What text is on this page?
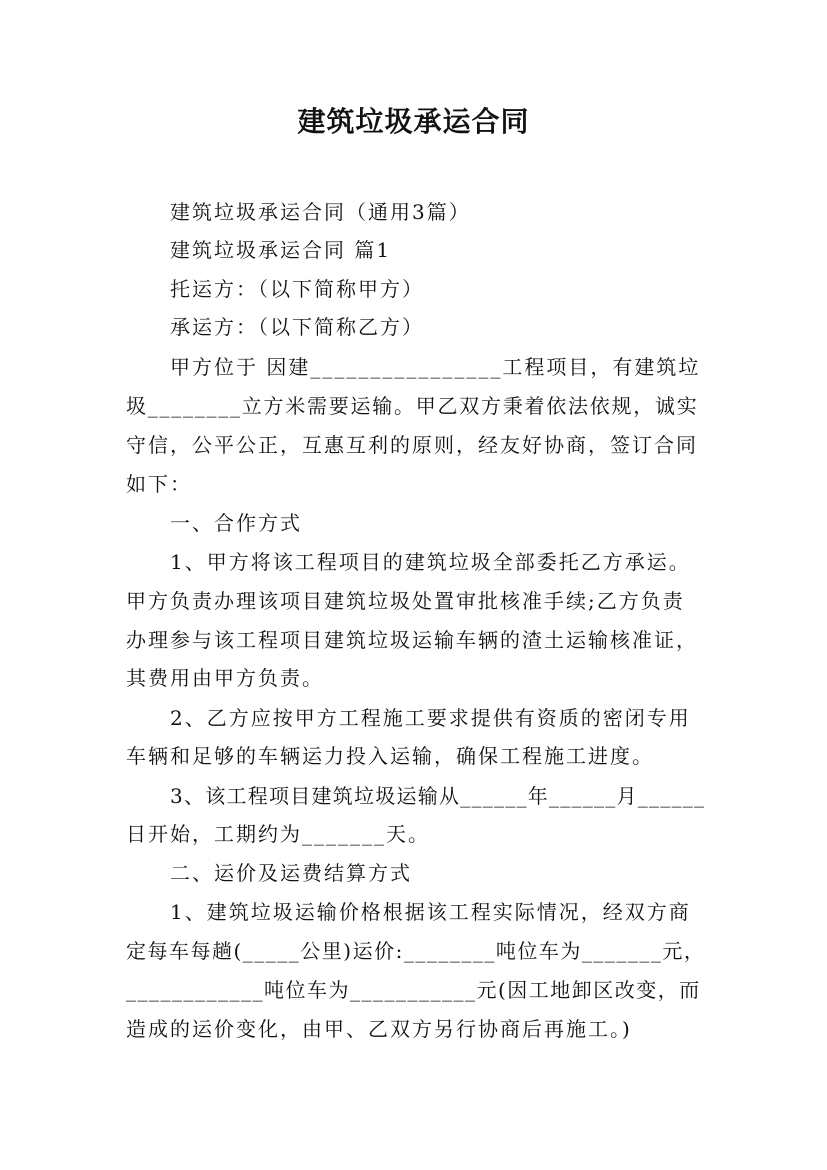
建筑垃圾承运合同
建筑垃圾承运合同（通用3篇）
建筑垃圾承运合同 篇1
托运方：（以下简称甲方）
承运方：（以下简称乙方）
甲方位于 因建________________工程项目，有建筑垃
圾________立方米需要运输。甲乙双方秉着依法依规，诚实
守信，公平公正，互惠互利的原则，经友好协商，签订合同
如下：
一、合作方式
1、甲方将该工程项目的建筑垃圾全部委托乙方承运。
甲方负责办理该项目建筑垃圾处置审批核准手续;乙方负责
办理参与该工程项目建筑垃圾运输车辆的渣土运输核准证，
其费用由甲方负责。
2、乙方应按甲方工程施工要求提供有资质的密闭专用
车辆和足够的车辆运力投入运输，确保工程施工进度。
3、该工程项目建筑垃圾运输从______年______月______
日开始，工期约为_______天。
二、运价及运费结算方式
1、建筑垃圾运输价格根据该工程实际情况，经双方商
定每车每趟(_____公里)运价:________吨位车为_______元，
____________吨位车为___________元(因工地卸区改变，而
造成的运价变化，由甲、乙双方另行协商后再施工。)
